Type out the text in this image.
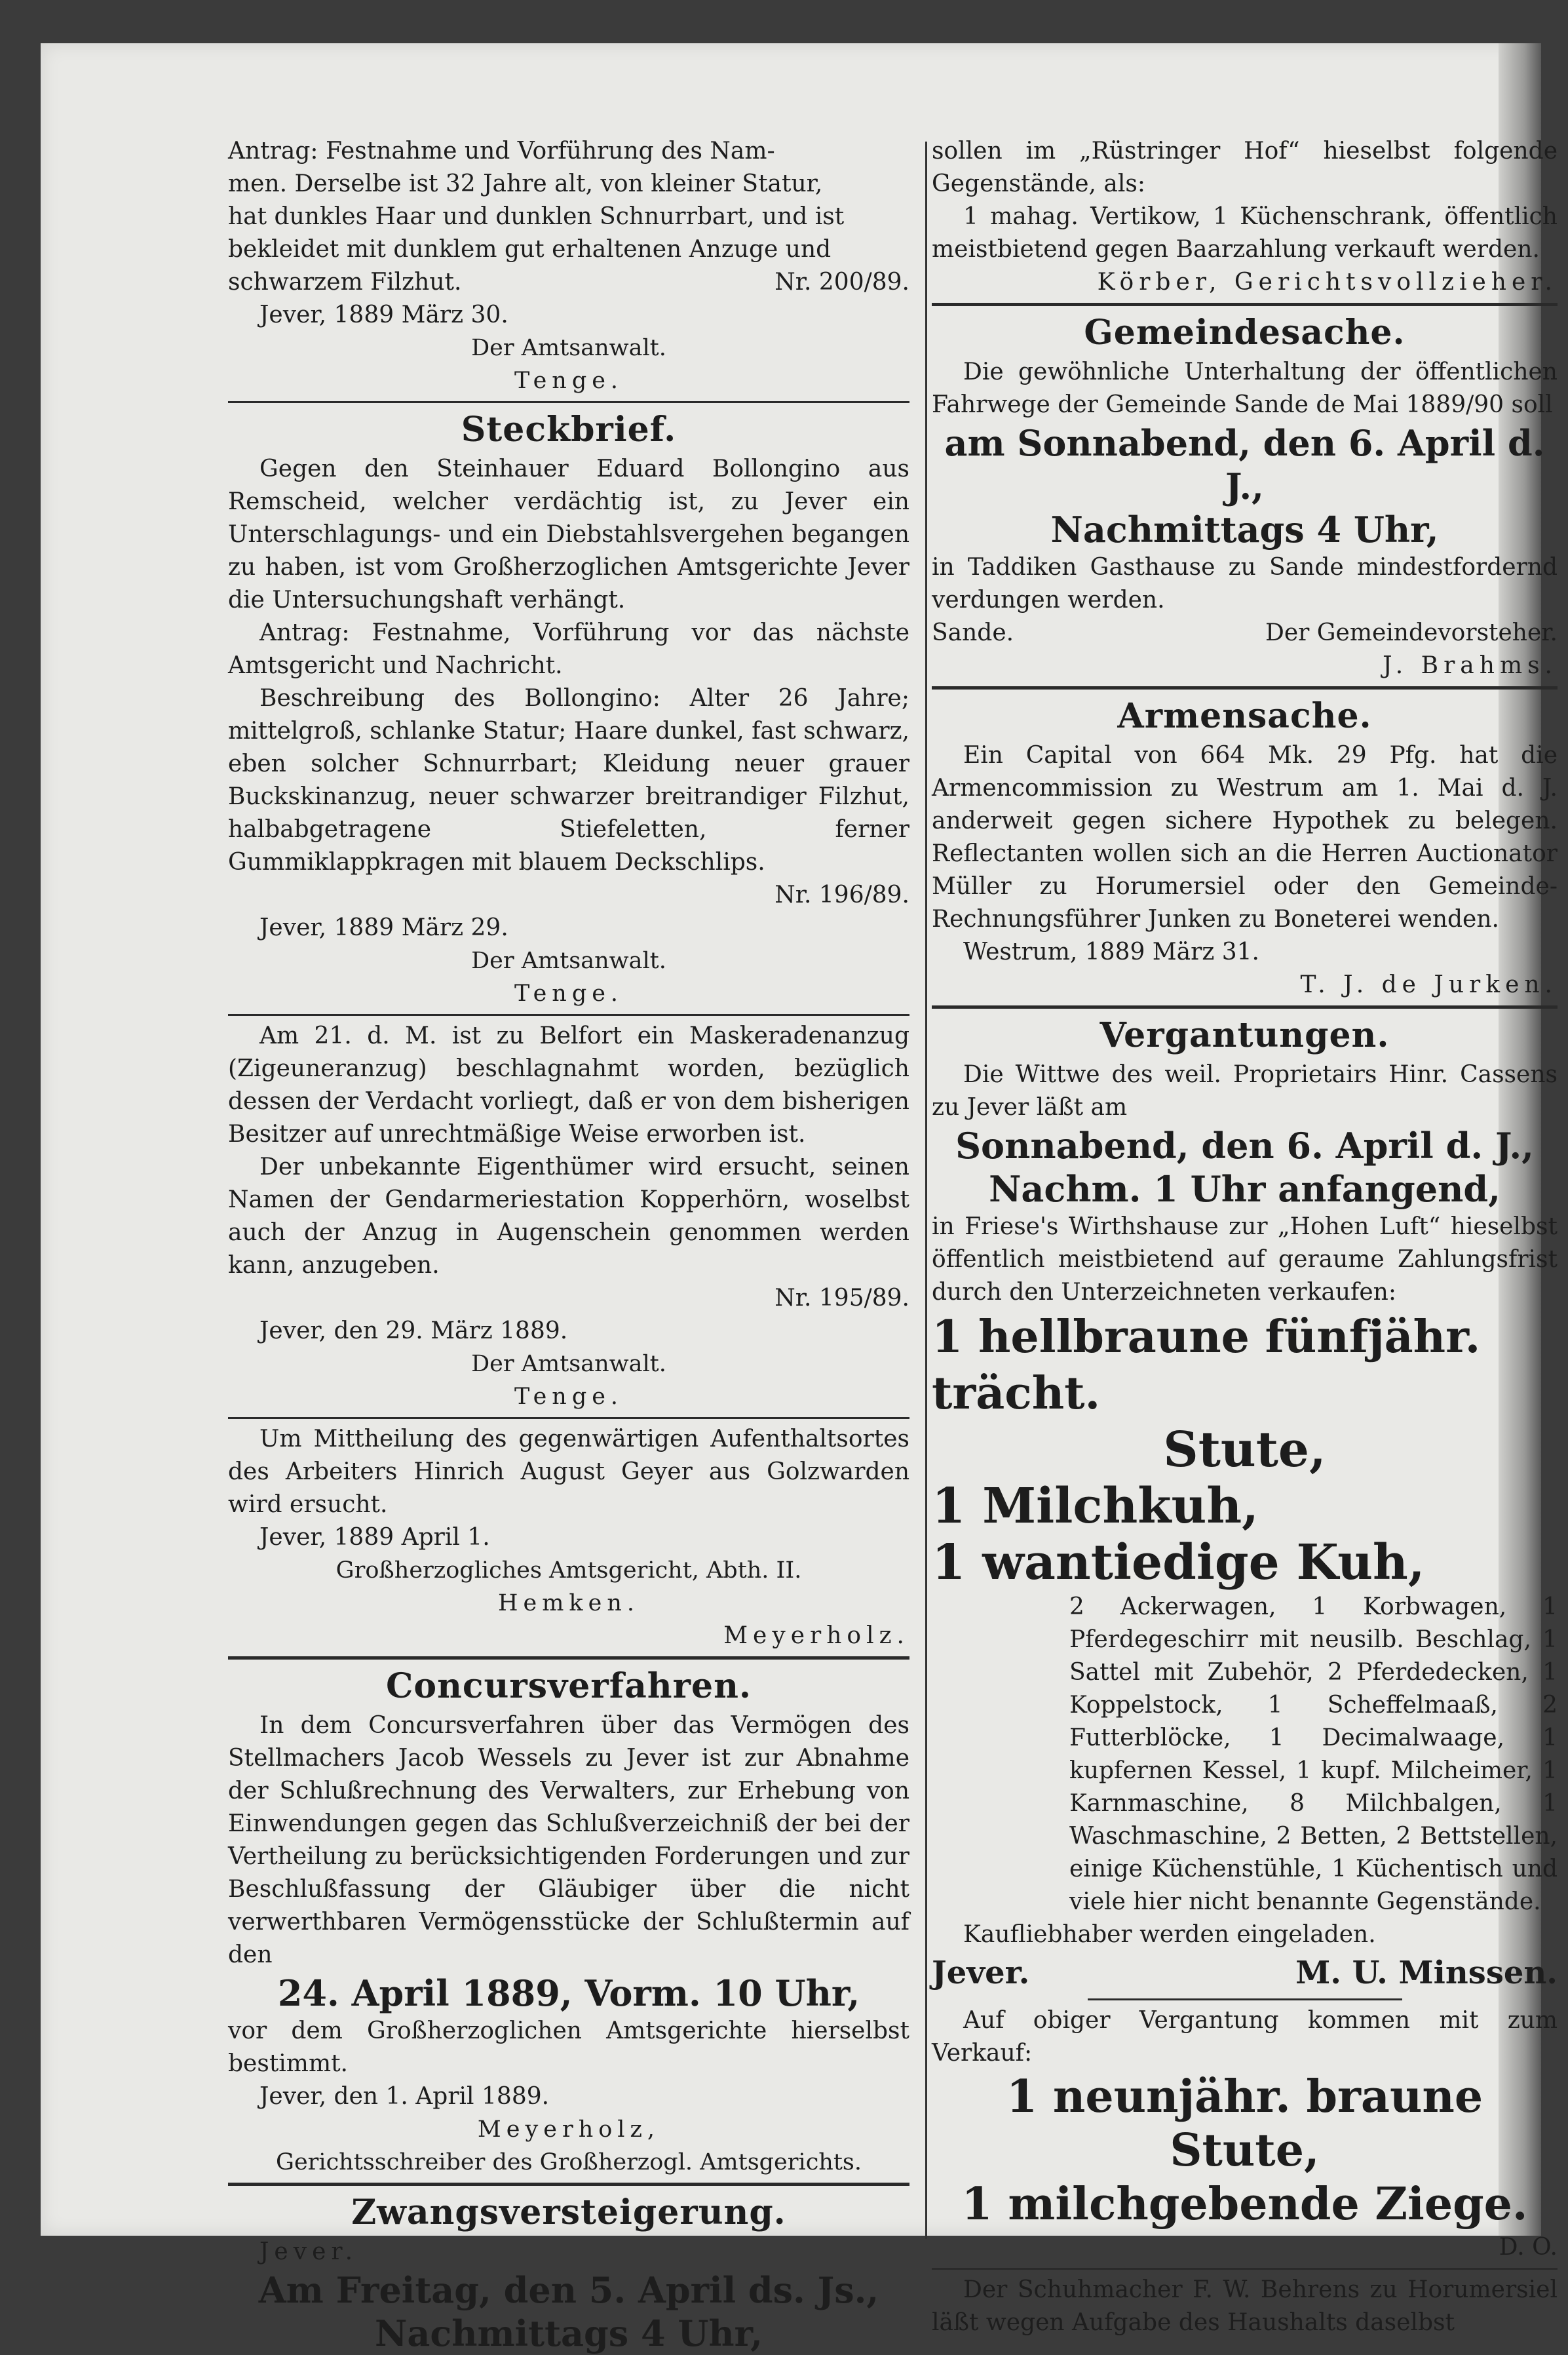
Antrag: Festnahme und Vorführung des Nam-

men. Derselbe ist 32 Jahre alt, von kleiner Statur,

hat dunkles Haar und dunklen Schnurrbart, und ist

bekleidet mit dunklem gut erhaltenen Anzuge und

schwarzem Filzhut.	Nr. 200/89.

Jever, 1889 März 30.

Der Amtsanwalt.

Tenge.

Steckbrief.

Gegen den Steinhauer Eduard Bollongino aus Remscheid, welcher verdächtig ist, zu Jever ein Unterschlagungs- und ein Diebstahlsvergehen begangen zu haben, ist vom Großherzoglichen Amtsgerichte Jever die Untersuchungshaft verhängt.

Antrag: Festnahme, Vorführung vor das nächste Amtsgericht und Nachricht.

Beschreibung des Bollongino: Alter 26 Jahre; mittelgroß, schlanke Statur; Haare dunkel, fast schwarz, eben solcher Schnurrbart; Kleidung neuer grauer Buckskinanzug, neuer schwarzer breitrandiger Filzhut, halbabgetragene Stiefeletten, ferner Gummiklappkragen mit blauem Deckschlips.

Nr. 196/89.

Jever, 1889 März 29.

Der Amtsanwalt.

Tenge.

Am 21. d. M. ist zu Belfort ein Maskeradenanzug (Zigeuneranzug) beschlagnahmt worden, bezüglich dessen der Verdacht vorliegt, daß er von dem bisherigen Besitzer auf unrechtmäßige Weise erworben ist.

Der unbekannte Eigenthümer wird ersucht, seinen Namen der Gendarmeriestation Kopperhörn, woselbst auch der Anzug in Augenschein genommen werden kann, anzugeben.

Nr. 195/89.

Jever, den 29. März 1889.

Der Amtsanwalt.

Tenge.

Um Mittheilung des gegenwärtigen Aufenthaltsortes des Arbeiters Hinrich August Geyer aus Golzwarden wird ersucht.

Jever, 1889 April 1.

Großherzogliches Amtsgericht, Abth. II.

Hemken.

Meyerholz.

Concursverfahren.

In dem Concursverfahren über das Vermögen des Stellmachers Jacob Wessels zu Jever ist zur Abnahme der Schlußrechnung des Verwalters, zur Erhebung von Einwendungen gegen das Schlußverzeichniß der bei der Vertheilung zu berücksichtigenden Forderungen und zur Beschlußfassung der Gläubiger über die nicht verwerthbaren Vermögensstücke der Schlußtermin auf den

24. April 1889, Vorm. 10 Uhr,

vor dem Großherzoglichen Amtsgerichte hierselbst bestimmt.

Jever, den 1. April 1889.

Meyerholz,

Gerichtsschreiber des Großherzogl. Amtsgerichts.

Zwangsversteigerung.

Jever.

Am Freitag, den 5. April ds. Js.,

Nachmittags 4 Uhr,

sollen im „Rüstringer Hof“ hieselbst folgende Gegenstände, als:

1 mahag. Vertikow, 1 Küchenschrank, öffentlich meistbietend gegen Baarzahlung verkauft werden.

Körber, Gerichtsvollzieher.

Gemeindesache.

Die gewöhnliche Unterhaltung der öffentlichen Fahrwege der Gemeinde Sande de Mai 1889/90 soll

am Sonnabend, den 6. April d. J.,

Nachmittags 4 Uhr,

in Taddiken Gasthause zu Sande mindestfordernd verdungen werden.

Sande.	Der Gemeindevorsteher.

J. Brahms.

Armensache.

Ein Capital von 664 Mk. 29 Pfg. hat die Armencommission zu Westrum am 1. Mai d. J. anderweit gegen sichere Hypothek zu belegen. Reflectanten wollen sich an die Herren Auctionator Müller zu Horumersiel oder den Gemeinde-Rechnungsführer Junken zu Boneterei wenden.

Westrum, 1889 März 31.

T. J. de Jurken.

Vergantungen.

Die Wittwe des weil. Proprietairs Hinr. Cassens zu Jever läßt am

Sonnabend, den 6. April d. J.,

Nachm. 1 Uhr anfangend,

in Friese's Wirthshause zur „Hohen Luft“ hieselbst öffentlich meistbietend auf geraume Zahlungsfrist durch den Unterzeichneten verkaufen:

1 hellbraune fünfjähr. trächt.

Stute,

1 Milchkuh,

1 wantiedige Kuh,

2 Ackerwagen, 1 Korbwagen, 1 Pferdegeschirr mit neusilb. Beschlag, 1 Sattel mit Zubehör, 2 Pferdedecken, 1 Koppelstock, 1 Scheffelmaaß, 2 Futterblöcke, 1 Decimalwaage, 1 kupfernen Kessel, 1 kupf. Milcheimer, 1 Karnmaschine, 8 Milchbalgen, 1 Waschmaschine, 2 Betten, 2 Bettstellen, einige Küchenstühle, 1 Küchentisch und viele hier nicht benannte Gegenstände.

Kaufliebhaber werden eingeladen.

Jever.	M. U. Minssen.

Auf obiger Vergantung kommen mit zum Verkauf:

1 neunjähr. braune Stute,

1 milchgebende Ziege.

D. O.

Der Schuhmacher F. W. Behrens zu Horumersiel läßt wegen Aufgabe des Haushalts daselbst
